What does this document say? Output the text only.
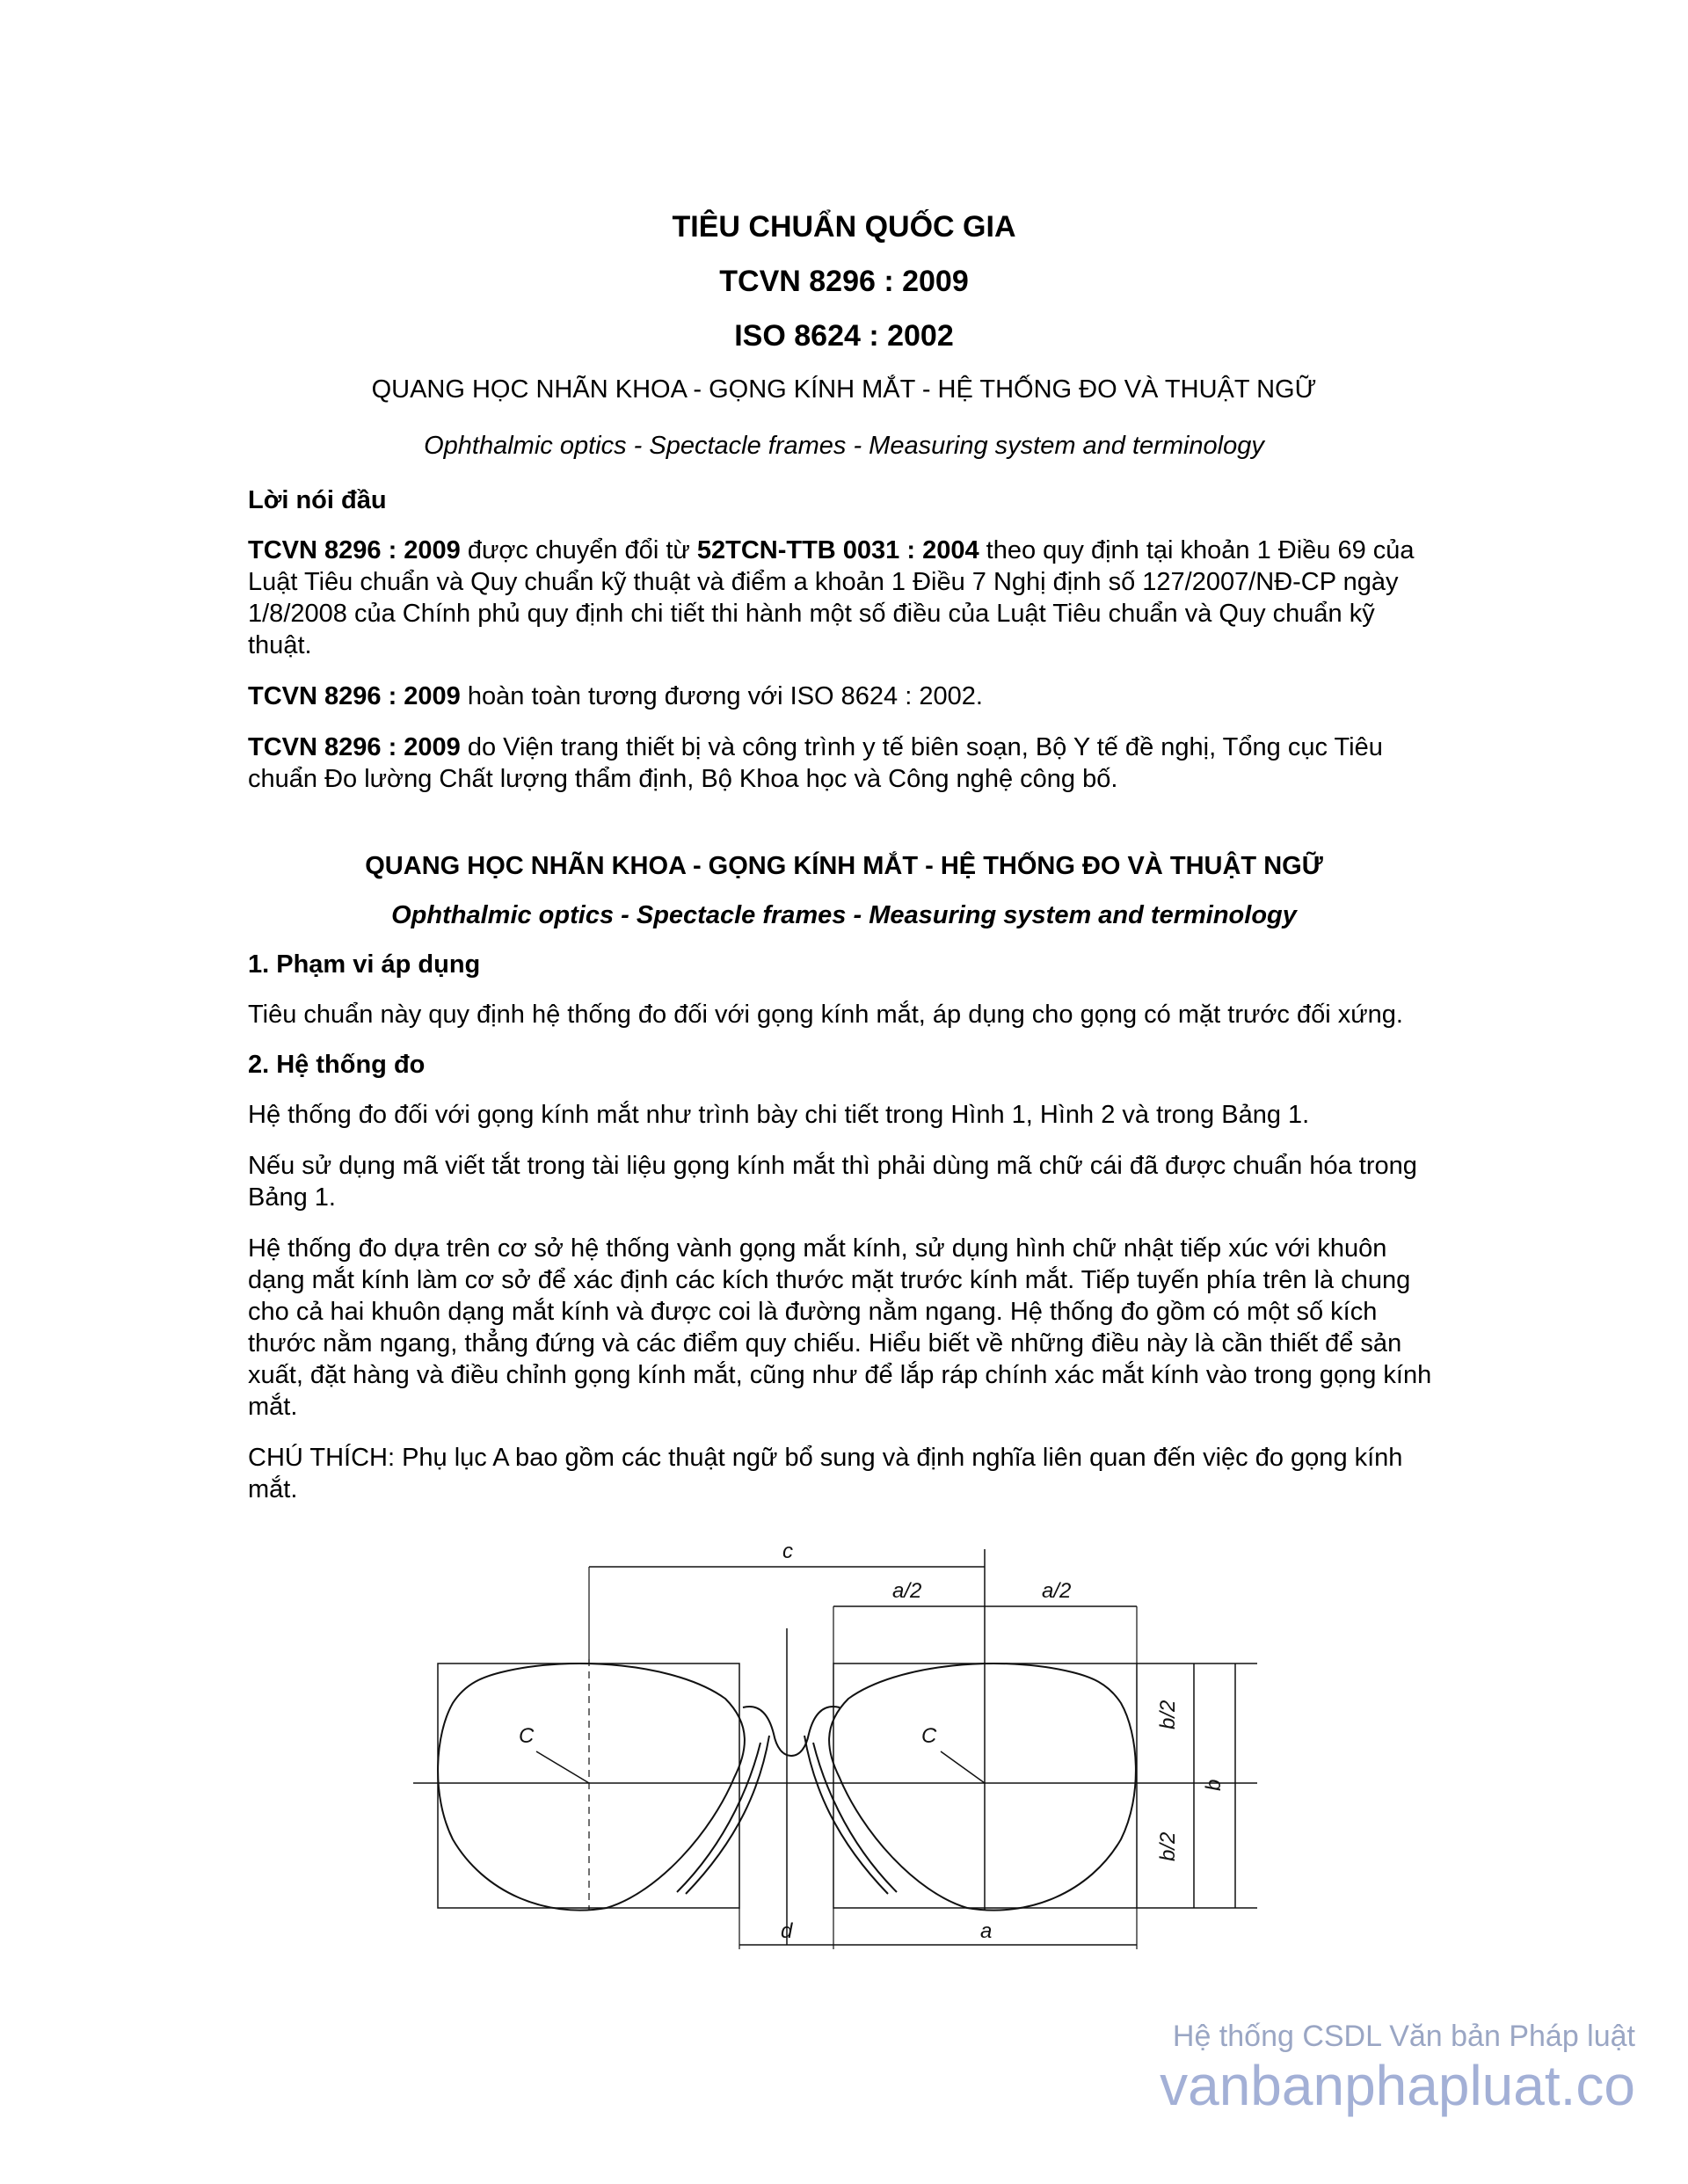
TIÊU CHUẨN QUỐC GIA
TCVN 8296 : 2009
ISO 8624 : 2002
QUANG HỌC NHÃN KHOA - GỌNG KÍNH MẮT - HỆ THỐNG ĐO VÀ THUẬT NGỮ
Ophthalmic optics - Spectacle frames - Measuring system and terminology
Lời nói đầu

TCVN 8296 : 2009 được chuyển đổi từ 52TCN-TTB 0031 : 2004 theo quy định tại khoản 1 Điều 69 của Luật Tiêu chuẩn và Quy chuẩn kỹ thuật và điểm a khoản 1 Điều 7 Nghị định số 127/2007/NĐ-CP ngày 1/8/2008 của Chính phủ quy định chi tiết thi hành một số điều của Luật Tiêu chuẩn và Quy chuẩn kỹ thuật.

TCVN 8296 : 2009 hoàn toàn tương đương với ISO 8624 : 2002.

TCVN 8296 : 2009 do Viện trang thiết bị và công trình y tế biên soạn, Bộ Y tế đề nghị, Tổng cục Tiêu chuẩn Đo lường Chất lượng thẩm định, Bộ Khoa học và Công nghệ công bố.

QUANG HỌC NHÃN KHOA - GỌNG KÍNH MẮT - HỆ THỐNG ĐO VÀ THUẬT NGỮ
Ophthalmic optics - Spectacle frames - Measuring system and terminology
1. Phạm vi áp dụng

Tiêu chuẩn này quy định hệ thống đo đối với gọng kính mắt, áp dụng cho gọng có mặt trước đối xứng.

2. Hệ thống đo

Hệ thống đo đối với gọng kính mắt như trình bày chi tiết trong Hình 1, Hình 2 và trong Bảng 1.

Nếu sử dụng mã viết tắt trong tài liệu gọng kính mắt thì phải dùng mã chữ cái đã được chuẩn hóa trong Bảng 1.

Hệ thống đo dựa trên cơ sở hệ thống vành gọng mắt kính, sử dụng hình chữ nhật tiếp xúc với khuôn dạng mắt kính làm cơ sở để xác định các kích thước mặt trước kính mắt. Tiếp tuyến phía trên là chung cho cả hai khuôn dạng mắt kính và được coi là đường nằm ngang. Hệ thống đo gồm có một số kích thước nằm ngang, thẳng đứng và các điểm quy chiếu. Hiểu biết về những điều này là cần thiết để sản xuất, đặt hàng và điều chỉnh gọng kính mắt, cũng như để lắp ráp chính xác mắt kính vào trong gọng kính mắt.

CHÚ THÍCH: Phụ lục A bao gồm các thuật ngữ bổ sung và định nghĩa liên quan đến việc đo gọng kính mắt.

c
a/2	a/2
b/2
b/2
b
C	C
d	a
Hệ thống CSDL Văn bản Pháp luật
vanbanphapluat.co
